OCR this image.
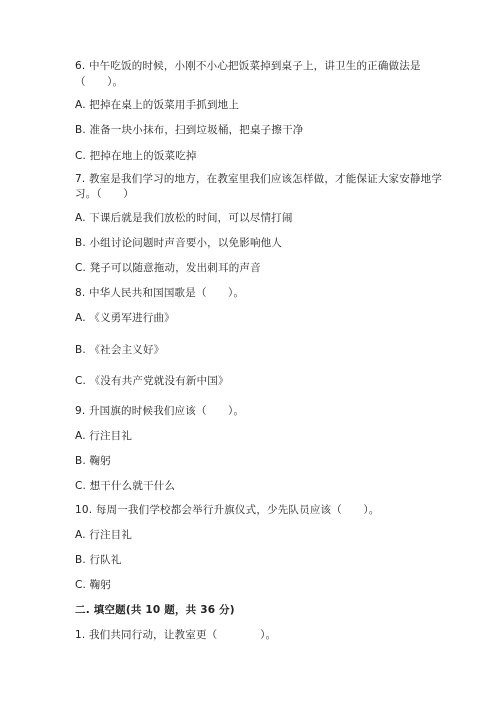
6. 中午吃饭的时候，小刚不小心把饭菜掉到桌子上，讲卫生的正确做法是
（　　）。
A. 把掉在桌上的饭菜用手抓到地上
B. 准备一块小抹布，扫到垃圾桶，把桌子擦干净
C. 把掉在地上的饭菜吃掉
7. 教室是我们学习的地方，在教室里我们应该怎样做，才能保证大家安静地学
习。（　　）
A. 下课后就是我们放松的时间，可以尽情打闹
B. 小组讨论问题时声音要小，以免影响他人
C. 凳子可以随意拖动，发出刺耳的声音
8. 中华人民共和国国歌是（　　）。
A. 《义勇军进行曲》
B. 《社会主义好》
C. 《没有共产党就没有新中国》
9. 升国旗的时候我们应该（　　）。
A. 行注目礼
B. 鞠躬
C. 想干什么就干什么
10. 每周一我们学校都会举行升旗仪式，少先队员应该（　　）。
A. 行注目礼
B. 行队礼
C. 鞠躬
二. 填空题(共 10 题，共 36 分)
1. 我们共同行动，让教室更（　　　　）。
